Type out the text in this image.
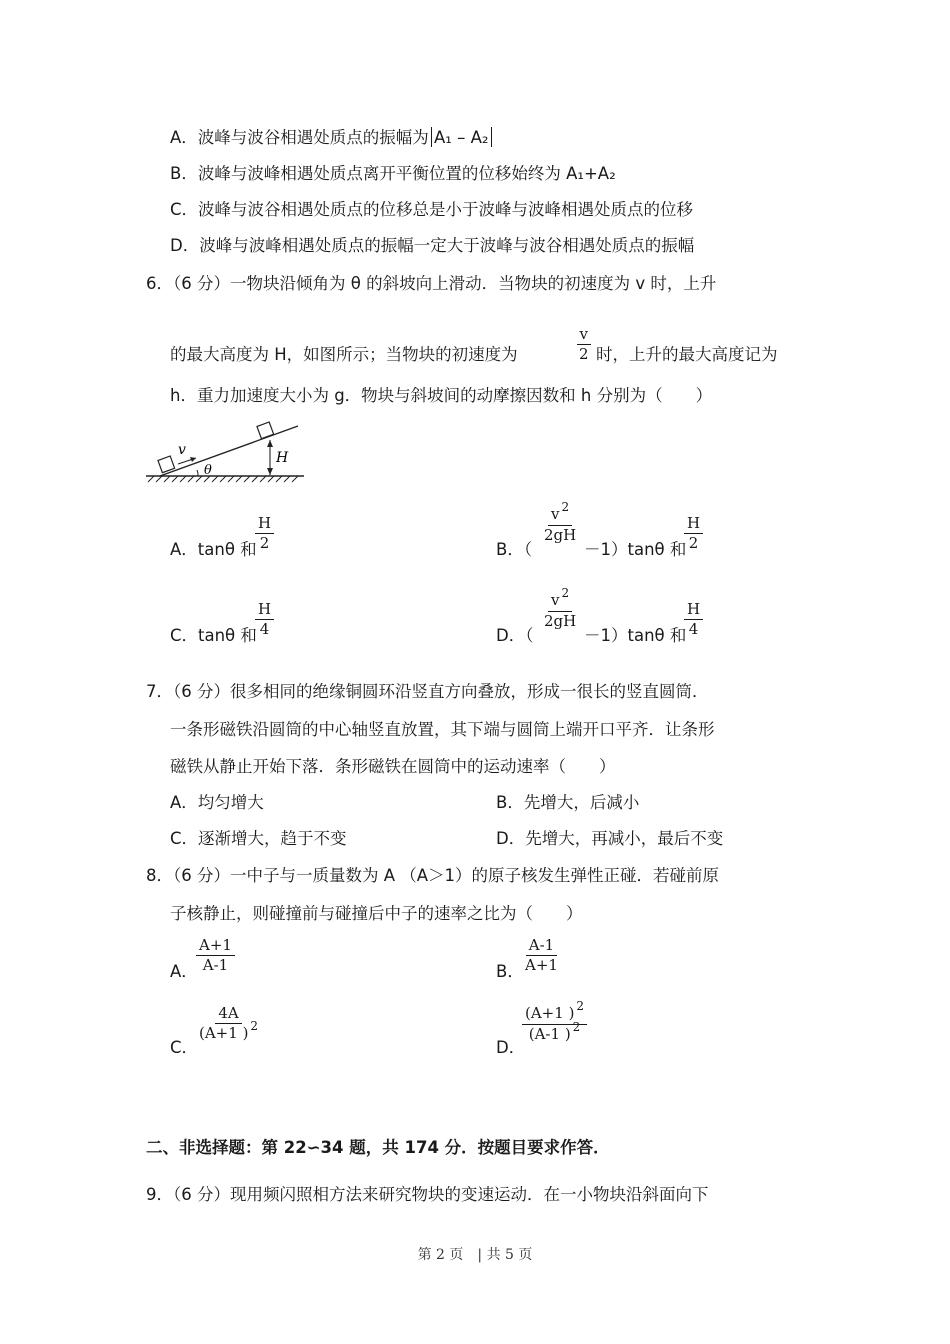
A．波峰与波谷相遇处质点的振幅为 A₁ – A₂
B．波峰与波峰相遇处质点离开平衡位置的位移始终为 A₁+A₂
C．波峰与波谷相遇处质点的位移总是小于波峰与波峰相遇处质点的位移
D．波峰与波峰相遇处质点的振幅一定大于波峰与波谷相遇处质点的振幅
6．（6 分）一物块沿倾角为 θ 的斜坡向上滑动．当物块的初速度为 v 时，上升
的最大高度为 H，如图所示；当物块的初速度为	$\frac{v}{2}$ 时，上升的最大高度记为
h．重力加速度大小为 g．物块与斜坡间的动摩擦因数和 h 分别为（　　）
v
θ
H
A．tanθ 和
$\frac{H}{2}$	B．（
$\frac{v ^2}{2gH}$
－1）tanθ 和
$\frac{H}{2}$
C．tanθ 和
$\frac{H}{4}$	D．（
$\frac{v ^2}{2gH}$
－1）tanθ 和
$\frac{H}{4}$
7．（6 分）很多相同的绝缘铜圆环沿竖直方向叠放，形成一很长的竖直圆筒．
一条形磁铁沿圆筒的中心轴竖直放置，其下端与圆筒上端开口平齐．让条形
磁铁从静止开始下落．条形磁铁在圆筒中的运动速率（　　）
A．均匀增大	B．先增大，后减小
C．逐渐增大，趋于不变	D．先增大，再减小，最后不变
8．（6 分）一中子与一质量数为 A （A＞1）的原子核发生弹性正碰．若碰前原
子核静止，则碰撞前与碰撞后中子的速率之比为（　　）
A．
$\frac{A+1}{A-1}$	B．
$\frac{A-1}{A+1}$
C．
$\frac{4A}{(A+1 ) ^2}$
D．
$\frac{(A+1 ) ^2}{(A-1 ) ^2}$
二、非选择题：第 22∽34 题，共 174 分．按题目要求作答．
9．（6 分）现用频闪照相方法来研究物块的变速运动．在一小物块沿斜面向下
第 2 页　| 共 5 页
